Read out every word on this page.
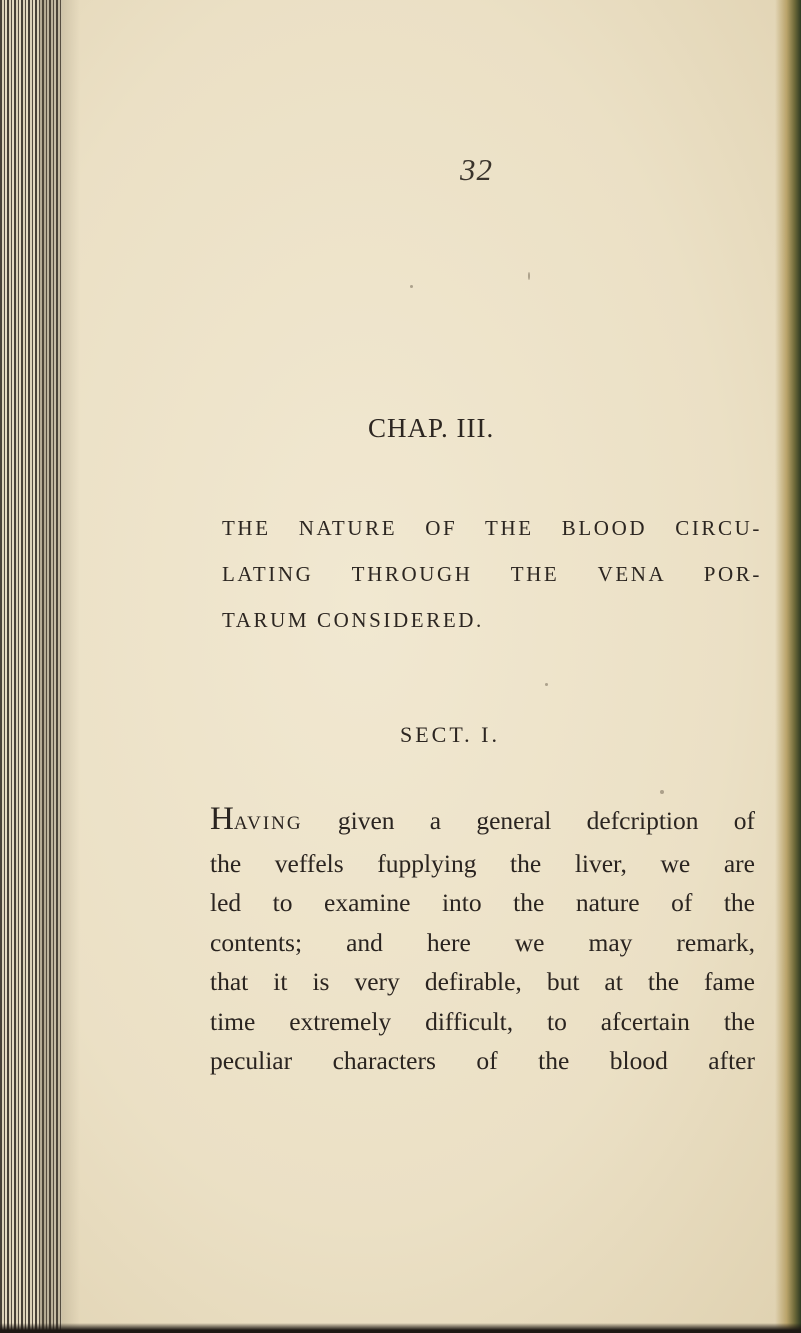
32
CHAP. III.
THE NATURE OF THE BLOOD CIRCU-
LATING THROUGH THE VENA POR-
TARUM CONSIDERED.
SECT. I.
HAVING given a general defcription of
the veffels fupplying the liver, we are
led to examine into the nature of the
contents; and here we may remark,
that it is very defirable, but at the fame
time extremely difficult, to afcertain the
peculiar characters of the blood after
